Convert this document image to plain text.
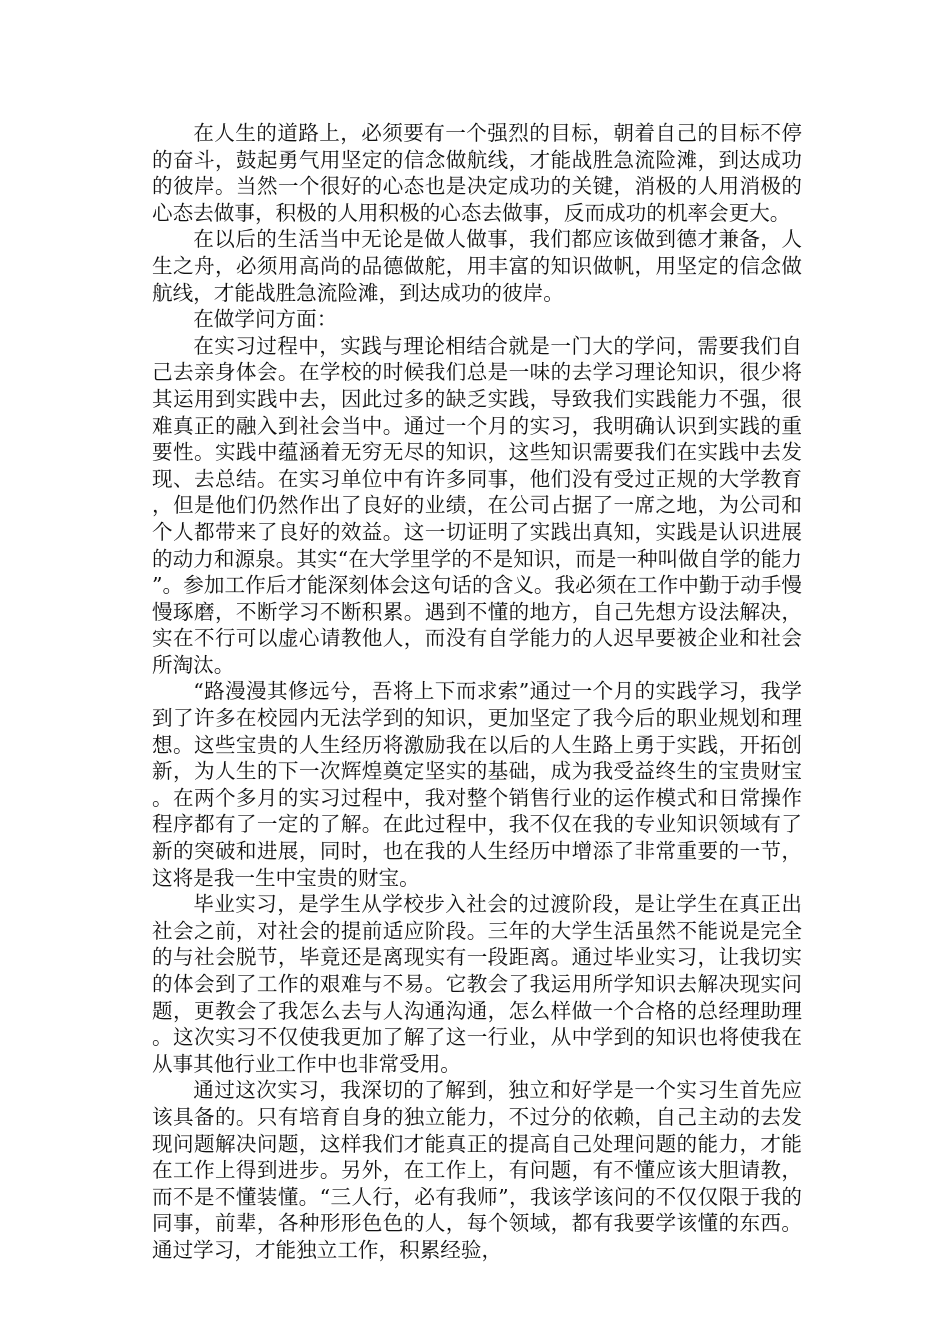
在人生的道路上，必须要有一个强烈的目标，朝着自己的目标不停的奋斗，鼓起勇气用坚定的信念做航线，才能战胜急流险滩，到达成功的彼岸。当然一个很好的心态也是决定成功的关键，消极的人用消极的心态去做事，积极的人用积极的心态去做事，反而成功的机率会更大。

在以后的生活当中无论是做人做事，我们都应该做到德才兼备，人生之舟，必须用高尚的品德做舵，用丰富的知识做帆，用坚定的信念做航线，才能战胜急流险滩，到达成功的彼岸。

在做学问方面：

在实习过程中，实践与理论相结合就是一门大的学问，需要我们自己去亲身体会。在学校的时候我们总是一味的去学习理论知识，很少将其运用到实践中去，因此过多的缺乏实践，导致我们实践能力不强，很难真正的融入到社会当中。通过一个月的实习，我明确认识到实践的重要性。实践中蕴涵着无穷无尽的知识，这些知识需要我们在实践中去发现、去总结。在实习单位中有许多同事，他们没有受过正规的大学教育，但是他们仍然作出了良好的业绩，在公司占据了一席之地，为公司和个人都带来了良好的效益。这一切证明了实践出真知，实践是认识进展的动力和源泉。其实“在大学里学的不是知识，而是一种叫做自学的能力”。参加工作后才能深刻体会这句话的含义。我必须在工作中勤于动手慢慢琢磨，不断学习不断积累。遇到不懂的地方，自己先想方设法解决，实在不行可以虚心请教他人，而没有自学能力的人迟早要被企业和社会所淘汰。

“路漫漫其修远兮，吾将上下而求索”通过一个月的实践学习，我学到了许多在校园内无法学到的知识，更加坚定了我今后的职业规划和理想。这些宝贵的人生经历将激励我在以后的人生路上勇于实践，开拓创新，为人生的下一次辉煌奠定坚实的基础，成为我受益终生的宝贵财宝。在两个多月的实习过程中，我对整个销售行业的运作模式和日常操作程序都有了一定的了解。在此过程中，我不仅在我的专业知识领域有了新的突破和进展，同时，也在我的人生经历中增添了非常重要的一节，这将是我一生中宝贵的财宝。

毕业实习，是学生从学校步入社会的过渡阶段，是让学生在真正出社会之前，对社会的提前适应阶段。三年的大学生活虽然不能说是完全的与社会脱节，毕竟还是离现实有一段距离。通过毕业实习，让我切实的体会到了工作的艰难与不易。它教会了我运用所学知识去解决现实问题，更教会了我怎么去与人沟通沟通，怎么样做一个合格的总经理助理。这次实习不仅使我更加了解了这一行业，从中学到的知识也将使我在从事其他行业工作中也非常受用。

通过这次实习，我深切的了解到，独立和好学是一个实习生首先应该具备的。只有培育自身的独立能力，不过分的依赖，自己主动的去发现问题解决问题，这样我们才能真正的提高自己处理问题的能力，才能在工作上得到进步。另外，在工作上，有问题，有不懂应该大胆请教，而不是不懂装懂。“三人行，必有我师”，我该学该问的不仅仅限于我的同事，前辈，各种形形色色的人，每个领域，都有我要学该懂的东西。通过学习，才能独立工作，积累经验，
